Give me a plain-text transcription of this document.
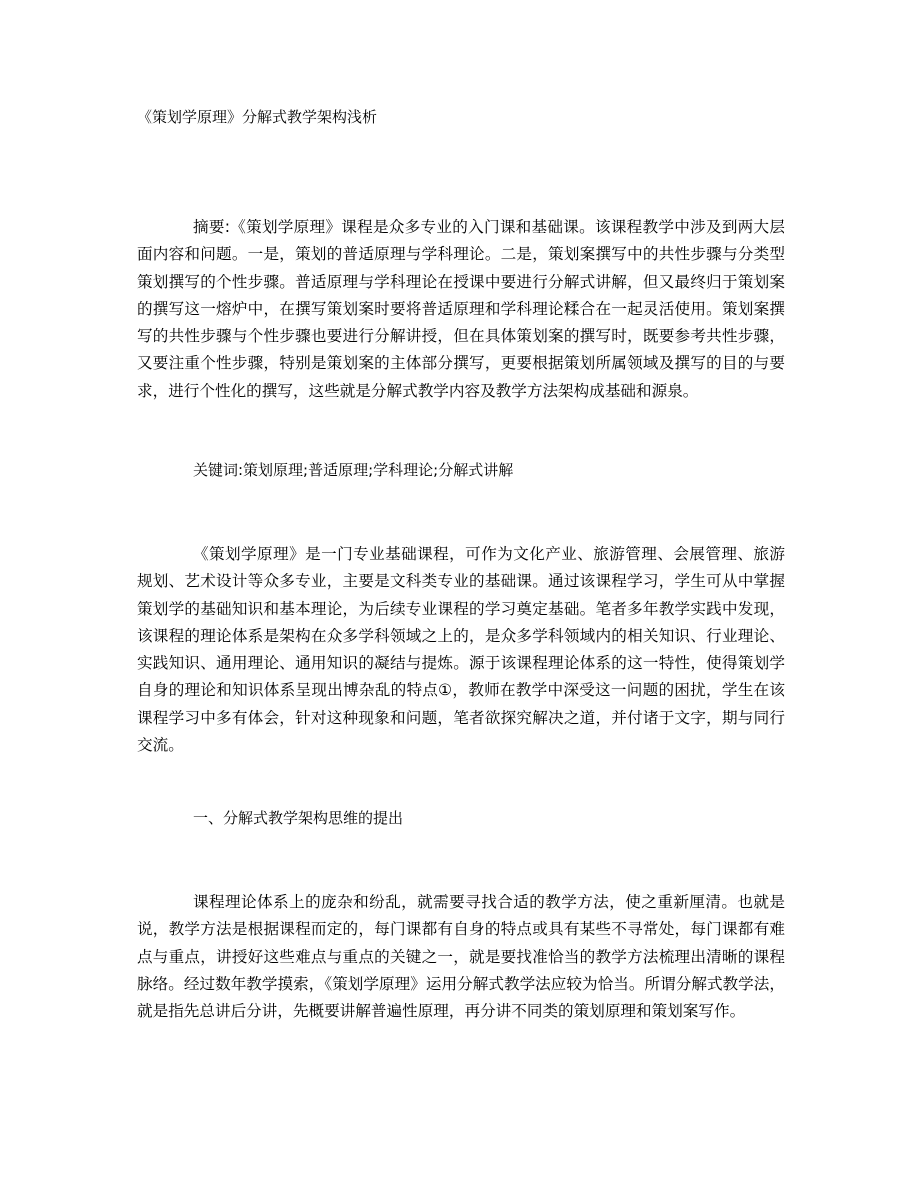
《策划学原理》分解式教学架构浅析

摘要:《策划学原理》课程是众多专业的入门课和基础课。该课程教学中涉及到两大层面内容和问题。一是，策划的普适原理与学科理论。二是，策划案撰写中的共性步骤与分类型策划撰写的个性步骤。普适原理与学科理论在授课中要进行分解式讲解，但又最终归于策划案的撰写这一熔炉中，在撰写策划案时要将普适原理和学科理论糅合在一起灵活使用。策划案撰写的共性步骤与个性步骤也要进行分解讲授，但在具体策划案的撰写时，既要参考共性步骤，又要注重个性步骤，特别是策划案的主体部分撰写，更要根据策划所属领域及撰写的目的与要求，进行个性化的撰写，这些就是分解式教学内容及教学方法架构成基础和源泉。

关键词:策划原理;普适原理;学科理论;分解式讲解

《策划学原理》是一门专业基础课程，可作为文化产业、旅游管理、会展管理、旅游规划、艺术设计等众多专业，主要是文科类专业的基础课。通过该课程学习，学生可从中掌握策划学的基础知识和基本理论，为后续专业课程的学习奠定基础。笔者多年教学实践中发现，该课程的理论体系是架构在众多学科领域之上的，是众多学科领域内的相关知识、行业理论、实践知识、通用理论、通用知识的凝结与提炼。源于该课程理论体系的这一特性，使得策划学自身的理论和知识体系呈现出博杂乱的特点①，教师在教学中深受这一问题的困扰，学生在该课程学习中多有体会，针对这种现象和问题，笔者欲探究解决之道，并付诸于文字，期与同行交流。

一、分解式教学架构思维的提出

课程理论体系上的庞杂和纷乱，就需要寻找合适的教学方法，使之重新厘清。也就是说，教学方法是根据课程而定的，每门课都有自身的特点或具有某些不寻常处，每门课都有难点与重点，讲授好这些难点与重点的关键之一，就是要找准恰当的教学方法梳理出清晰的课程脉络。经过数年教学摸索，《策划学原理》运用分解式教学法应较为恰当。所谓分解式教学法，就是指先总讲后分讲，先概要讲解普遍性原理，再分讲不同类的策划原理和策划案写作。
